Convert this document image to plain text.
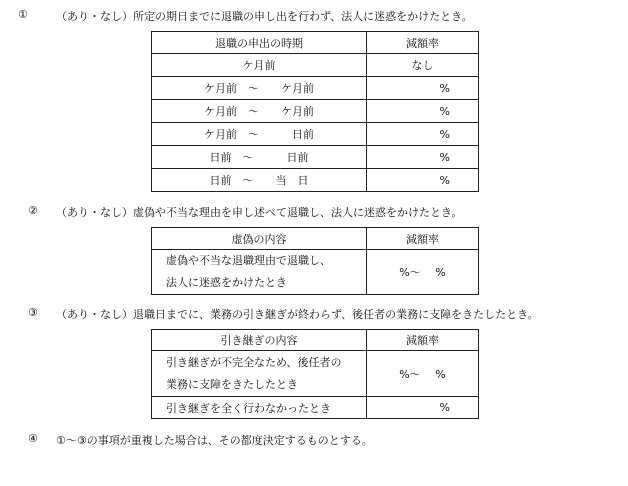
①	（あり・なし）所定の期日までに退職の申し出を行わず、法人に迷惑をかけたとき。
退職の申出の時期	減額率
ケ月前	なし
ケ月前　～　　ケ月前	%
ケ月前　～　　ケ月前	%
ケ月前　～　　　日前	%
日前　～　　　日前	%
日前　～　　当　日	%
② （あり・なし）虚偽や不当な理由を申し述べて退職し、法人に迷惑をかけたとき。
虚偽の内容	減額率

虚偽や不当な退職理由で退職し、
法人に迷惑をかけたとき	%～　 %
③ （あり・なし）退職日までに、業務の引き継ぎが終わらず、後任者の業務に支障をきたしたとき。
引き継ぎの内容	減額率

引き継ぎが不完全なため、後任者の
業務に支障をきたしたとき	%～　 %
引き継ぎを全く行わなかったとき	%
④ ①～③の事項が重複した場合は、その都度決定するものとする。
